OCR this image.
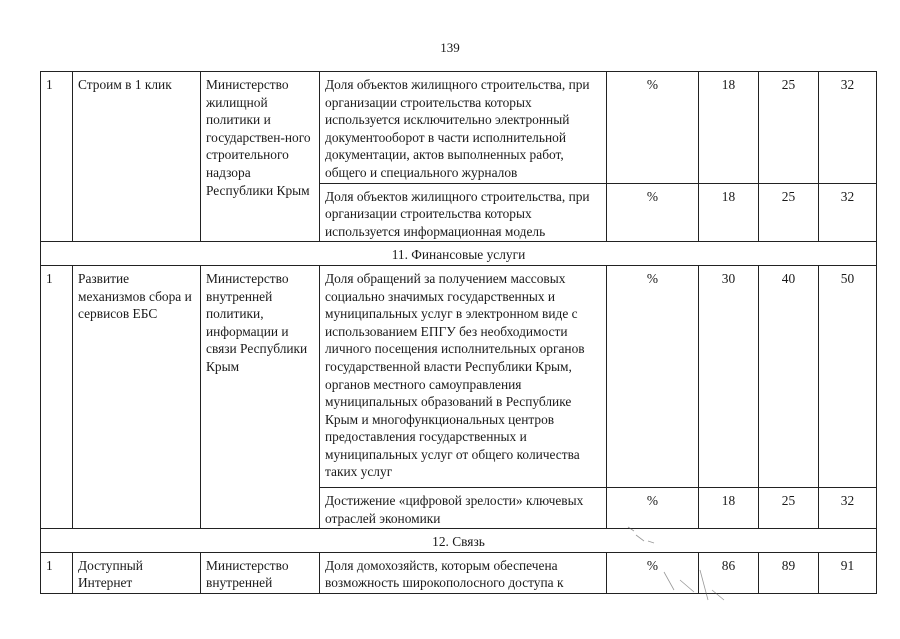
139
1	Строим в 1 клик	Министерство жилищной политики и государствен-ного строительного надзора Республики Крым	Доля объектов жилищного строительства, при организации строительства которых используется исключительно электронный документооборот в части исполнительной документации, актов выполненных работ, общего и специального журналов	%	18	25	32
			Доля объектов жилищного строительства, при организации строительства которых используется информационная модель	%	18	25	32
11. Финансовые услуги							
1	Развитие механизмов сбора и сервисов ЕБС	Министерство внутренней политики, информации и связи Республики Крым	Доля обращений за получением массовых социально значимых государственных и муниципальных услуг в электронном виде с использованием ЕПГУ без необходимости личного посещения исполнительных органов государственной власти Республики Крым, органов местного самоуправления муниципальных образований в Республике Крым и многофункциональных центров предоставления государственных и муниципальных услуг от общего количества таких услуг	%	30	40	50
			Достижение «цифровой зрелости» ключевых отраслей экономики	%	18	25	32
12. Связь							
1	Доступный Интернет	Министерство внутренней	Доля домохозяйств, которым обеспечена возможность широкополосного доступа к	%	86	89	91
